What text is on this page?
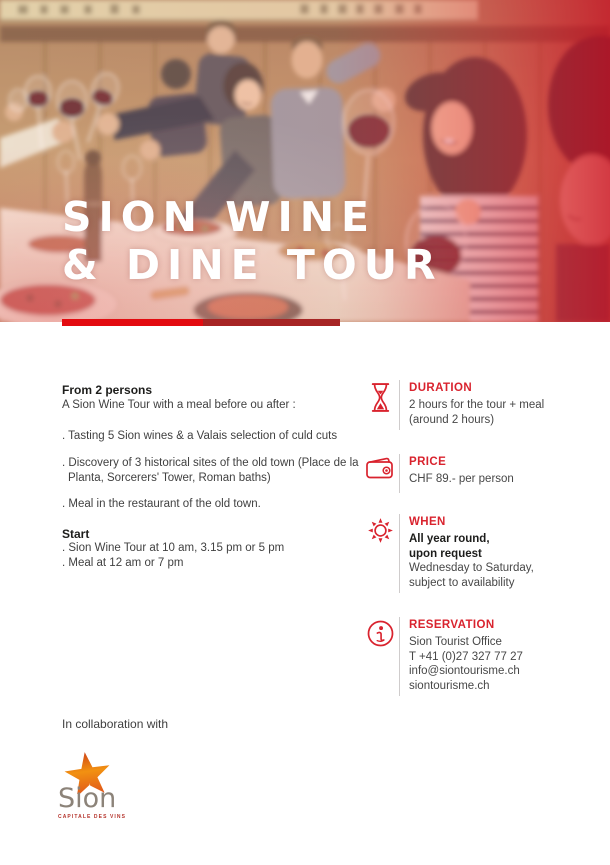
SION WINE
& DINE TOUR
From 2 persons
A Sion Wine Tour with a meal before ou after :
. Tasting 5 Sion wines & a Valais selection of culd cuts
. Discovery of 3 historical sites of the old town (Place de la Planta, Sorcerers' Tower, Roman baths)
. Meal in the restaurant of the old town.
Start
. Sion Wine Tour at 10 am, 3.15 pm or 5 pm
. Meal at 12 am or 7 pm
DURATION
2 hours for the tour + meal
(around 2 hours)
PRICE
CHF 89.- per person
WHEN
All year round,
upon request
Wednesday to Saturday,
subject to availability
RESERVATION
Sion Tourist Office
T +41 (0)27 327 77 27
info@siontourisme.ch
siontourisme.ch
In collaboration with
Sion
CAPITALE DES VINS
